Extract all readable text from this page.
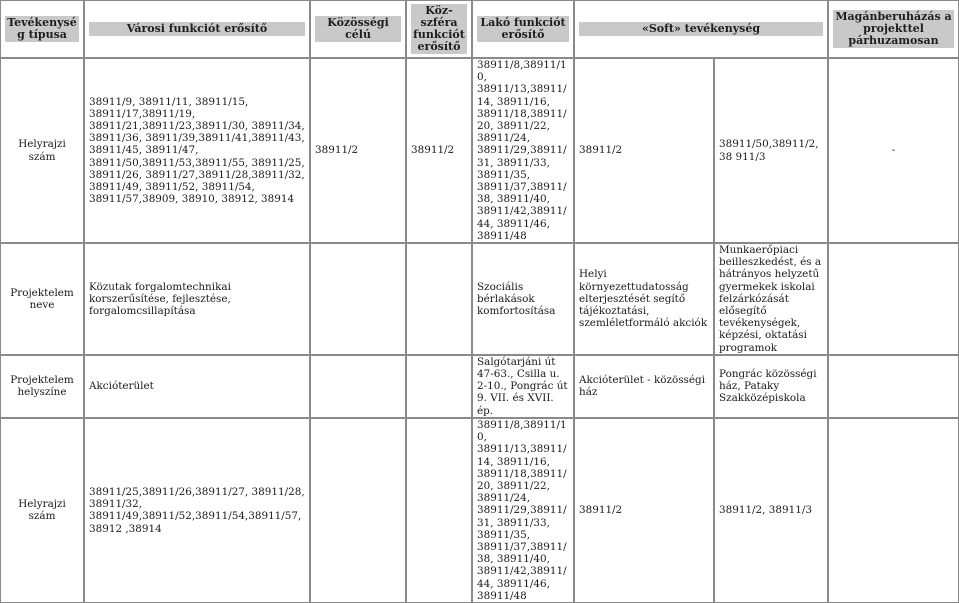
Tevékenység típusa	Városi funkciót erősítő	Közösségi célú	Köz-szféra funkciót erősítő	Lakó funkciót erősítő	«Soft» tevékenység		Magánberuházás a projekttel párhuzamosan

Helyrajzi szám	38911/9, 38911/11, 38911/15, 38911/17,38911/19, 38911/21,38911/23,38911/30, 38911/34, 38911/36, 38911/39,38911/41,38911/43, 38911/45, 38911/47, 38911/50,38911/53,38911/55, 38911/25, 38911/26, 38911/27,38911/28,38911/32, 38911/49, 38911/52, 38911/54, 38911/57,38909, 38910, 38912, 38914	38911/2	38911/2	38911/8,38911/10, 38911/13,38911/14, 38911/16, 38911/18,38911/20, 38911/22, 38911/24, 38911/29,38911/31, 38911/33, 38911/35, 38911/37,38911/38, 38911/40, 38911/42,38911/44, 38911/46, 38911/48	38911/2	38911/50,38911/2,38 911/3	-
Projektelem neve	Közutak forgalomtechnikai korszerűsítése, fejlesztése, forgalomcsillapítása			Szociális bérlakások komfortosítása	Helyi környezettudatosság elterjesztését segítő tájékoztatási, szemléletformáló akciók	Munkaerőpiaci beilleszkedést, és a hátrányos helyzetű gyermekek iskolai felzárkózását elősegítő tevékenységek, képzési, oktatási programok	
Projektelem helyszíne	Akcióterület			Salgótarjáni út 47-63., Csilla u. 2-10., Pongrác út 9. VII. és XVII. ép.	Akcióterület - közösségi ház	Pongrác közösségi ház, Pataky Szakközépiskola	
Helyrajzi szám	38911/25,38911/26,38911/27, 38911/28, 38911/32, 38911/49,38911/52,38911/54,38911/57,38912 ,38914			38911/8,38911/10, 38911/13,38911/14, 38911/16, 38911/18,38911/20, 38911/22, 38911/24, 38911/29,38911/31, 38911/33, 38911/35, 38911/37,38911/38, 38911/40, 38911/42,38911/44, 38911/46, 38911/48	38911/2	38911/2, 38911/3	
